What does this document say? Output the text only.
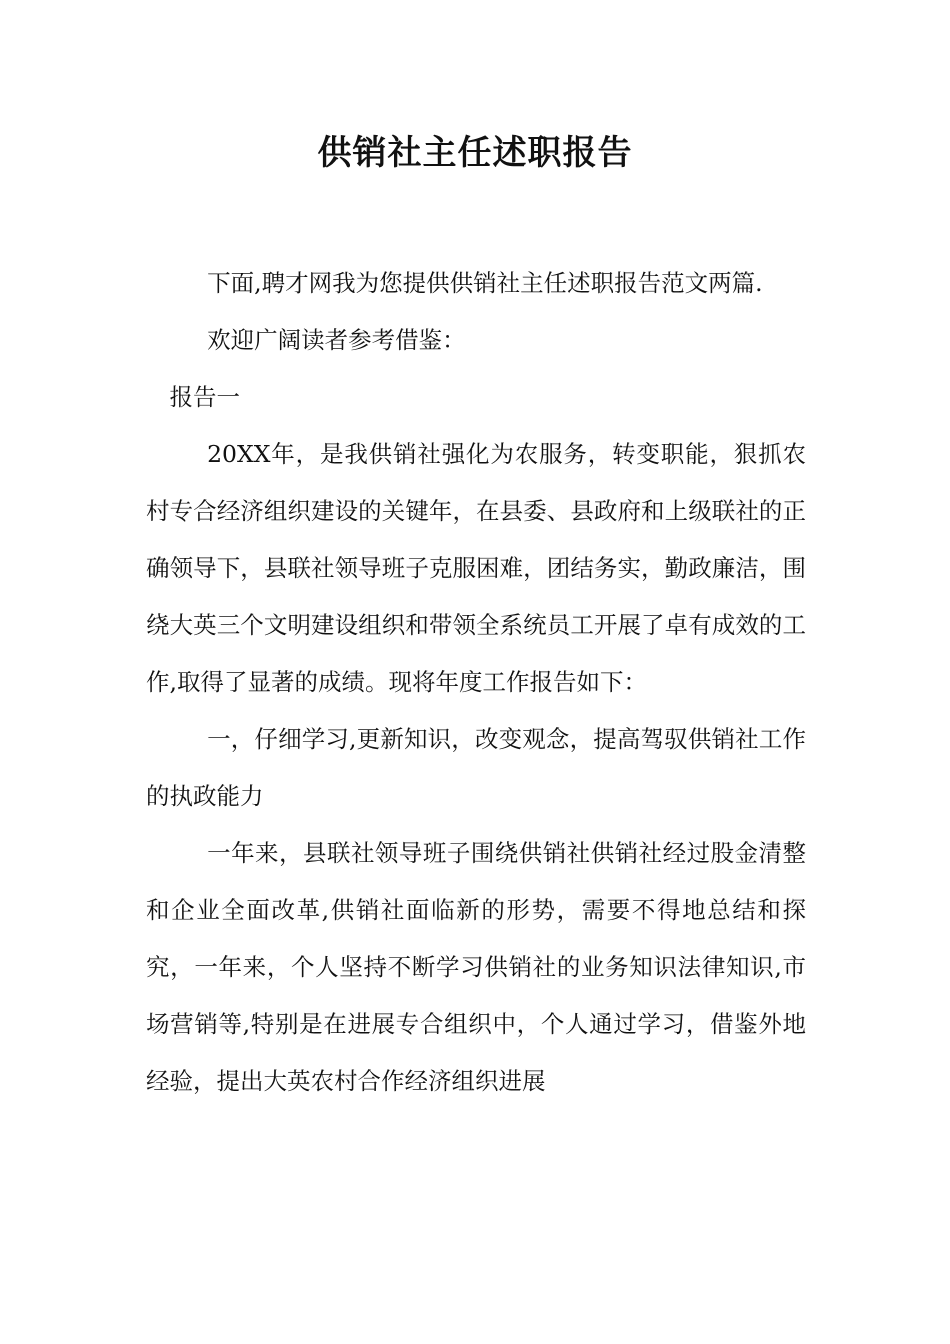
供销社主任述职报告

下面,聘才网我为您提供供销社主任述职报告范文两篇.

欢迎广阔读者参考借鉴：

报告一

20XX年，是我供销社强化为农服务，转变职能，狠抓农村专合经济组织建设的关键年，在县委、县政府和上级联社的正确领导下，县联社领导班子克服困难，团结务实，勤政廉洁，围绕大英三个文明建设组织和带领全系统员工开展了卓有成效的工作,取得了显著的成绩。现将年度工作报告如下：

一，仔细学习,更新知识，改变观念，提高驾驭供销社工作的执政能力

一年来，县联社领导班子围绕供销社供销社经过股金清整和企业全面改革,供销社面临新的形势，需要不得地总结和探究，一年来，个人坚持不断学习供销社的业务知识法律知识,市场营销等,特别是在进展专合组织中，个人通过学习，借鉴外地经验，提出大英农村合作经济组织进展
